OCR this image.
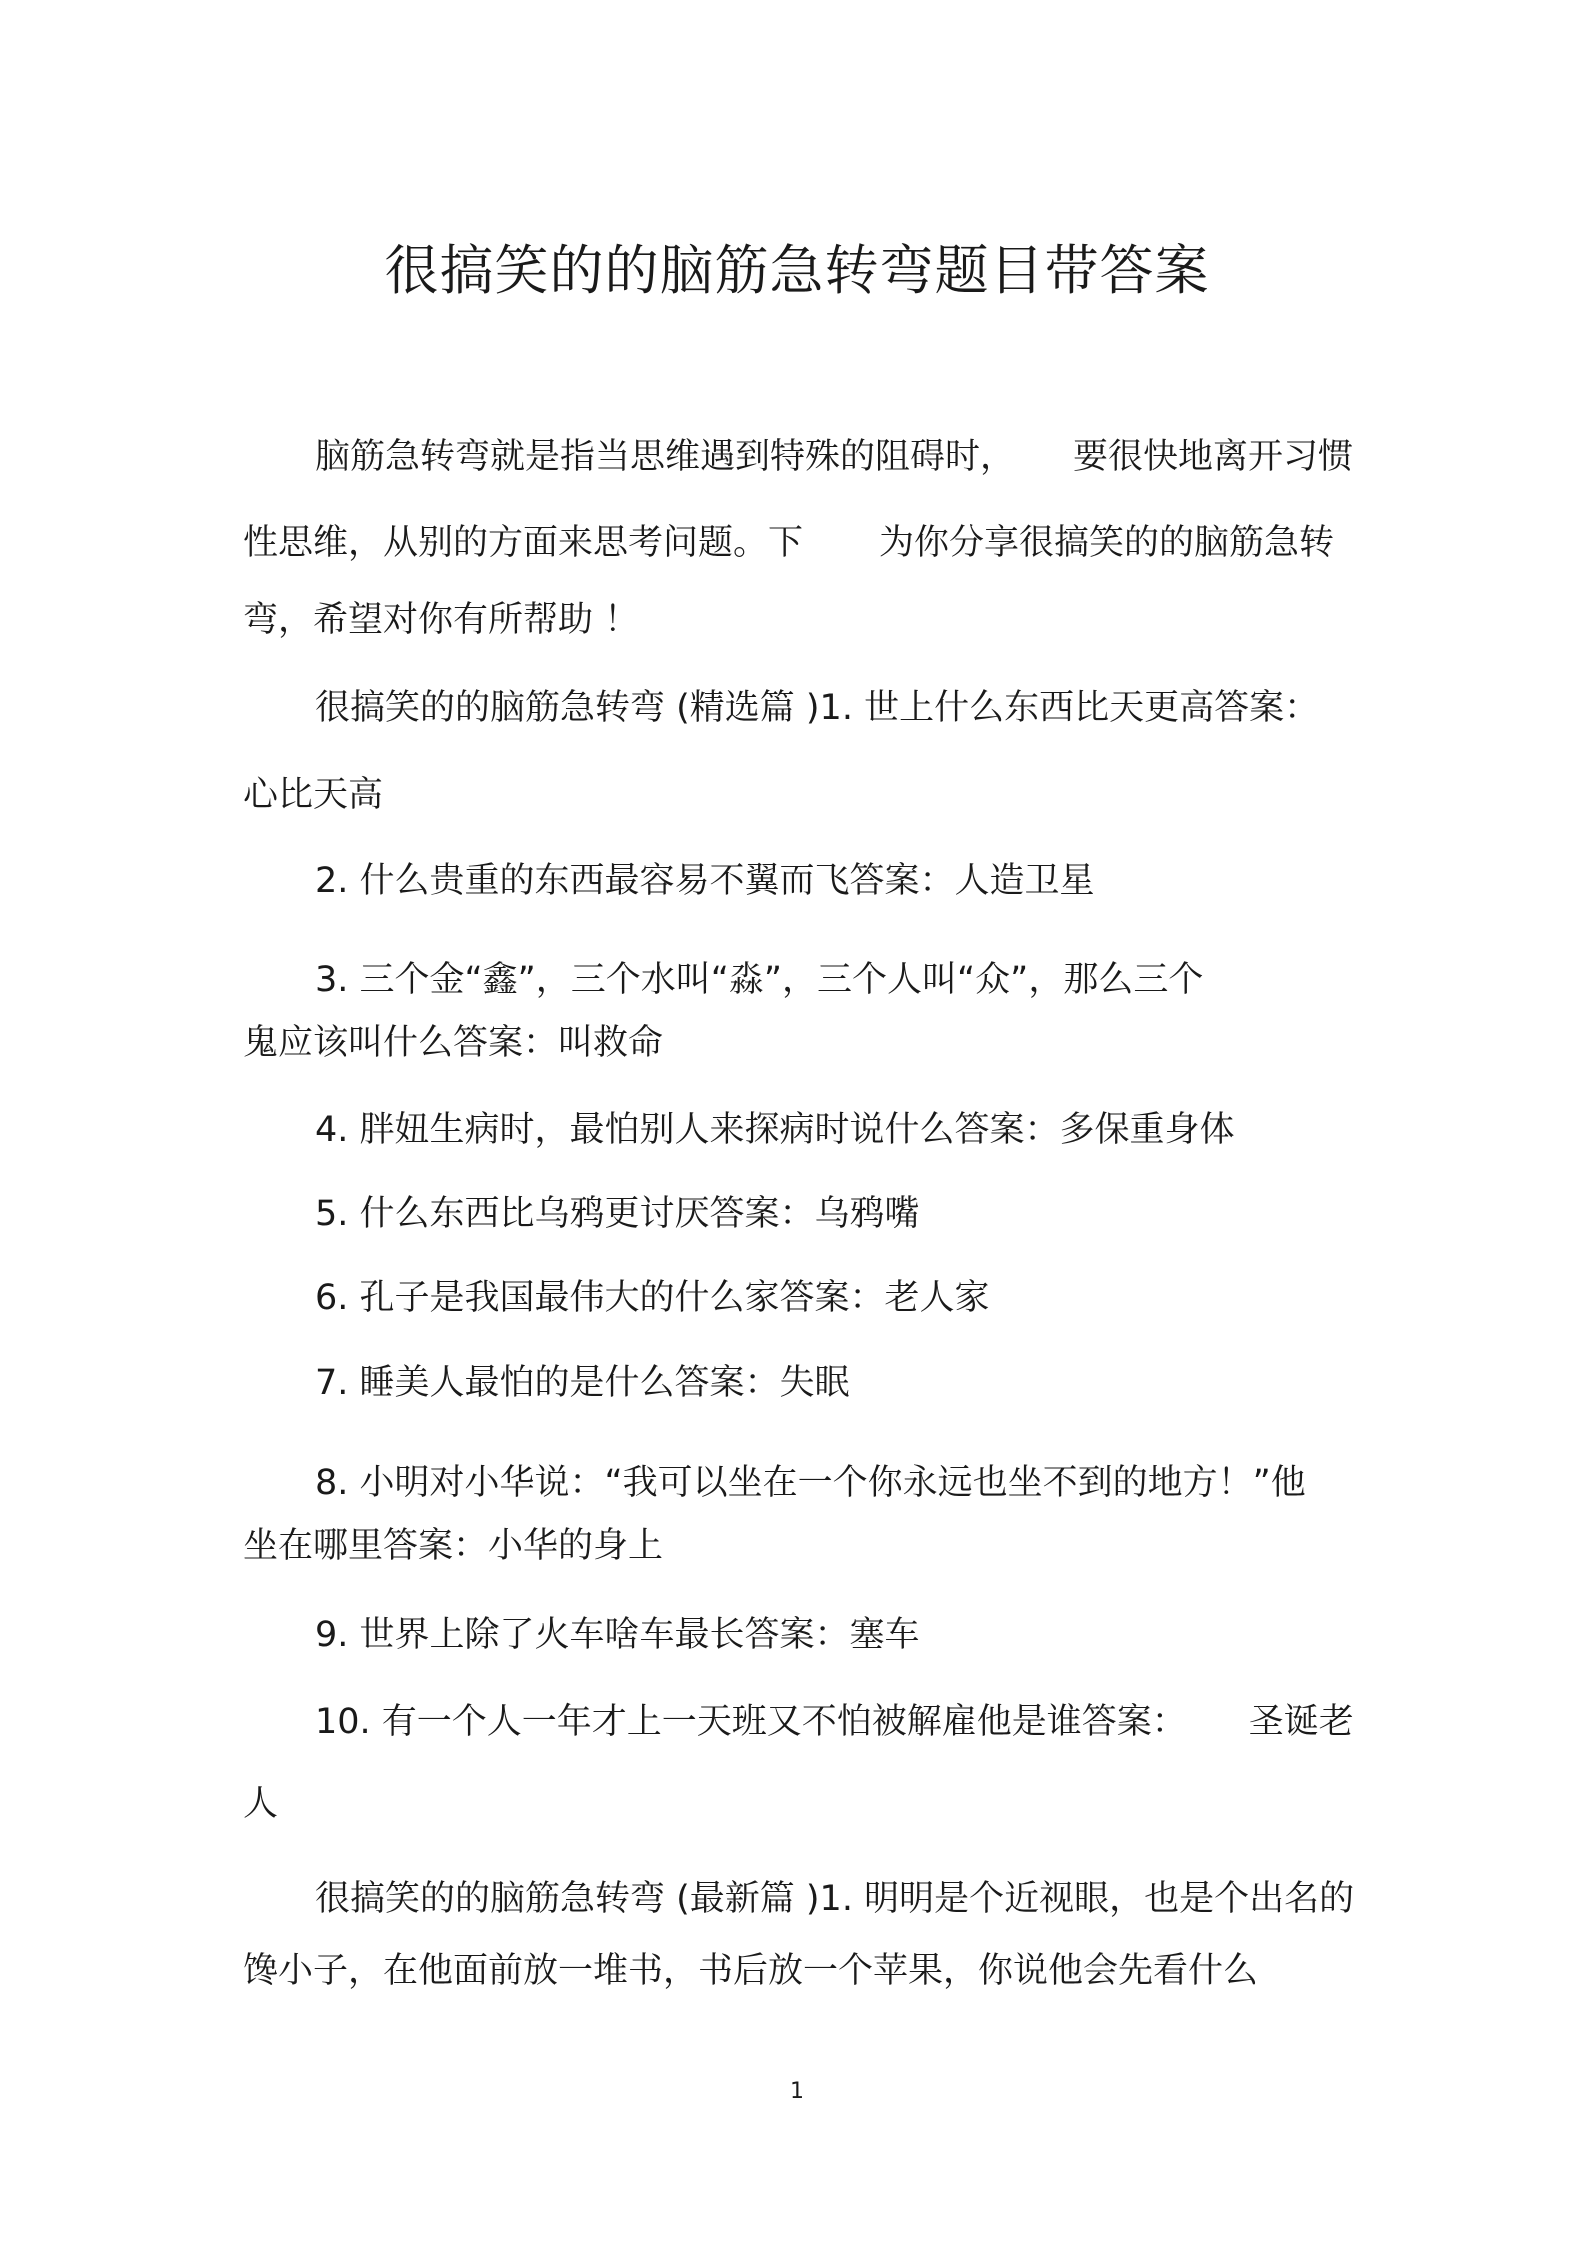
很搞笑的的脑筋急转弯题目带答案
脑筋急转弯就是指当思维遇到特殊的阻碍时， 要很快地离开习惯
性思维，从别的方面来思考问题。下 为你分享很搞笑的的脑筋急转
弯，希望对你有所帮助 ！
很搞笑的的脑筋急转弯 (精选篇 )1. 世上什么东西比天更高答案：
心比天高
2. 什么贵重的东西最容易不翼而飞答案：人造卫星
3. 三个金“鑫”，三个水叫“淼”，三个人叫“众”，那么三个
鬼应该叫什么答案：叫救命
4. 胖妞生病时，最怕别人来探病时说什么答案：多保重身体
5. 什么东西比乌鸦更讨厌答案：乌鸦嘴
6. 孔子是我国最伟大的什么家答案：老人家
7. 睡美人最怕的是什么答案：失眠
8. 小明对小华说：“我可以坐在一个你永远也坐不到的地方！”他
坐在哪里答案：小华的身上
9. 世界上除了火车啥车最长答案：塞车
10. 有一个人一年才上一天班又不怕被解雇他是谁答案： 圣诞老
人
很搞笑的的脑筋急转弯 (最新篇 )1. 明明是个近视眼，也是个出名的
馋小子，在他面前放一堆书，书后放一个苹果，你说他会先看什么
1
